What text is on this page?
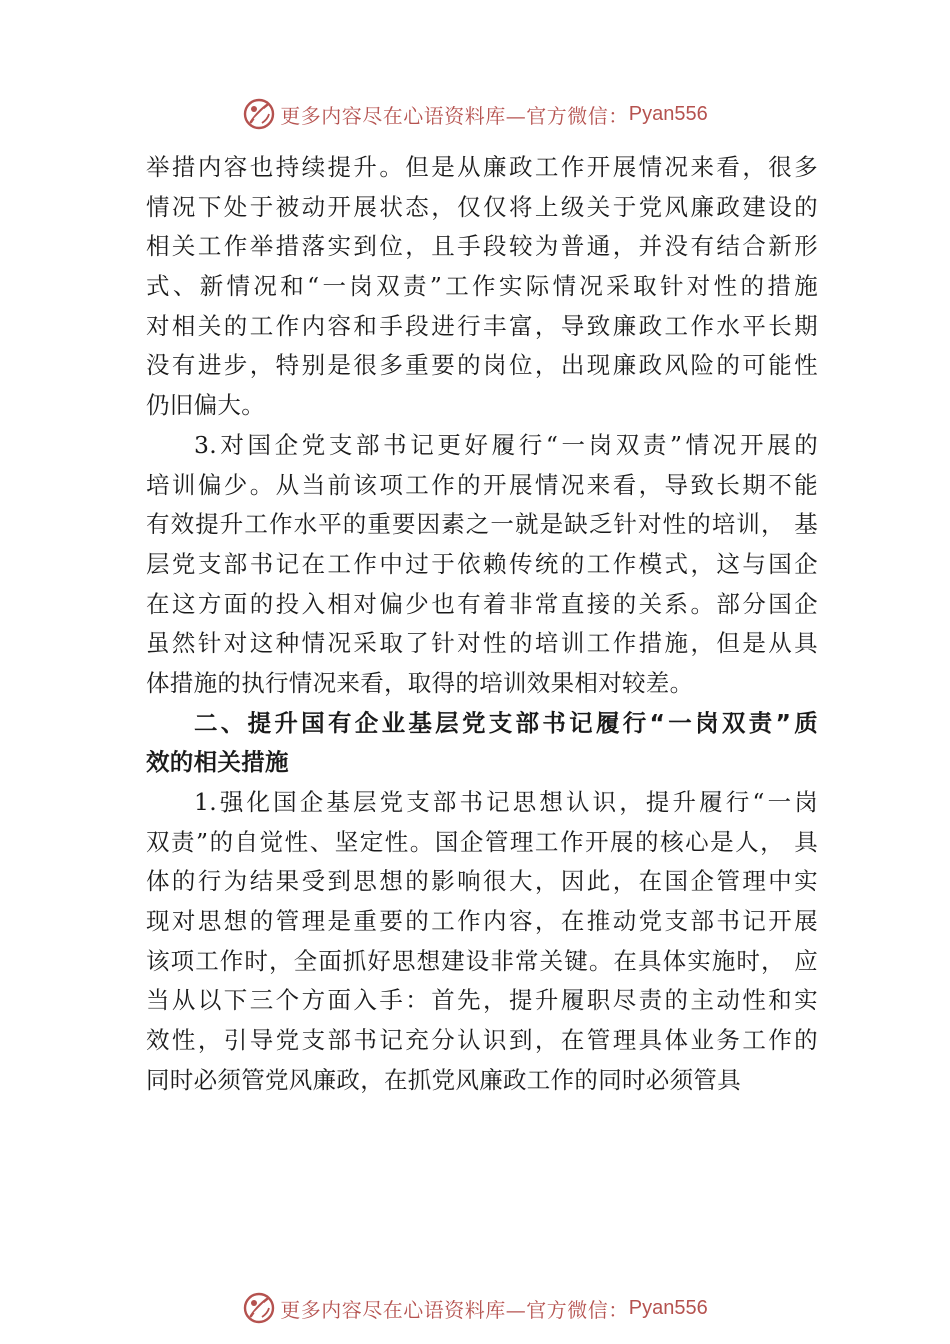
更多内容尽在心语资料库—官方微信： Pyan556
举措内容也持续提升。但是从廉政工作开展情况来看，很多
情况下处于被动开展状态，仅仅将上级关于党风廉政建设的
相关工作举措落实到位，且手段较为普通，并没有结合新形
式、新情况和“一岗双责”工作实际情况采取针对性的措施
对相关的工作内容和手段进行丰富，导致廉政工作水平长期
没有进步，特别是很多重要的岗位，出现廉政风险的可能性
仍旧偏大。
3.对国企党支部书记更好履行“一岗双责”情况开展的
培训偏少。从当前该项工作的开展情况来看，导致长期不能
有效提升工作水平的重要因素之一就是缺乏针对性的培训， 基
层党支部书记在工作中过于依赖传统的工作模式，这与国企
在这方面的投入相对偏少也有着非常直接的关系。部分国企
虽然针对这种情况采取了针对性的培训工作措施，但是从具
体措施的执行情况来看，取得的培训效果相对较差。
二、提升国有企业基层党支部书记履行“一岗双责”质
效的相关措施
1.强化国企基层党支部书记思想认识，提升履行“一岗
双责”的自觉性、坚定性。国企管理工作开展的核心是人， 具
体的行为结果受到思想的影响很大，因此，在国企管理中实
现对思想的管理是重要的工作内容，在推动党支部书记开展
该项工作时，全面抓好思想建设非常关键。在具体实施时， 应
当从以下三个方面入手：首先，提升履职尽责的主动性和实
效性，引导党支部书记充分认识到，在管理具体业务工作的
同时必须管党风廉政，在抓党风廉政工作的同时必须管具
更多内容尽在心语资料库—官方微信： Pyan556
